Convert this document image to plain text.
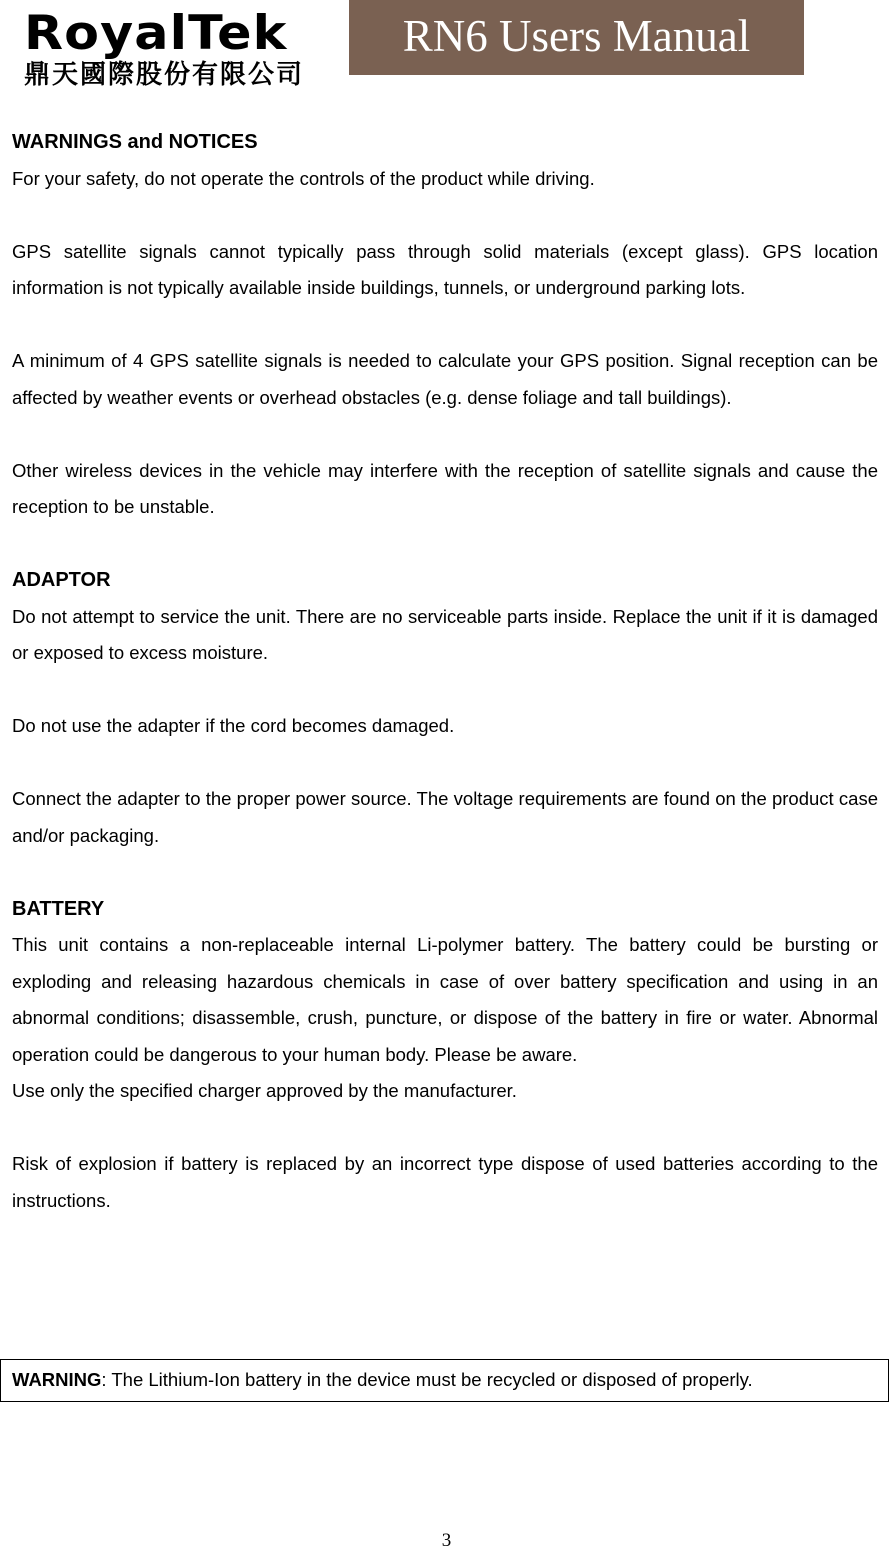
RoyalTek
鼎天國際股份有限公司
RN6 Users Manual

WARNINGS and NOTICES

For your safety, do not operate the controls of the product while driving.

GPS satellite signals cannot typically pass through solid materials (except glass). GPS location information is not typically available inside buildings, tunnels, or underground parking lots.

A minimum of 4 GPS satellite signals is needed to calculate your GPS position. Signal reception can be affected by weather events or overhead obstacles (e.g. dense foliage and tall buildings).

Other wireless devices in the vehicle may interfere with the reception of satellite signals and cause the reception to be unstable.

ADAPTOR

Do not attempt to service the unit. There are no serviceable parts inside. Replace the unit if it is damaged or exposed to excess moisture.

Do not use the adapter if the cord becomes damaged.

Connect the adapter to the proper power source. The voltage requirements are found on the product case and/or packaging.

BATTERY

This unit contains a non-replaceable internal Li-polymer battery. The battery could be bursting or exploding and releasing hazardous chemicals in case of over battery specification and using in an abnormal conditions; disassemble, crush, puncture, or dispose of the battery in fire or water. Abnormal operation could be dangerous to your human body. Please be aware.

Use only the specified charger approved by the manufacturer.

Risk of explosion if battery is replaced by an incorrect type dispose of used batteries according to the instructions.

WARNING: The Lithium-Ion battery in the device must be recycled or disposed of properly.
3
